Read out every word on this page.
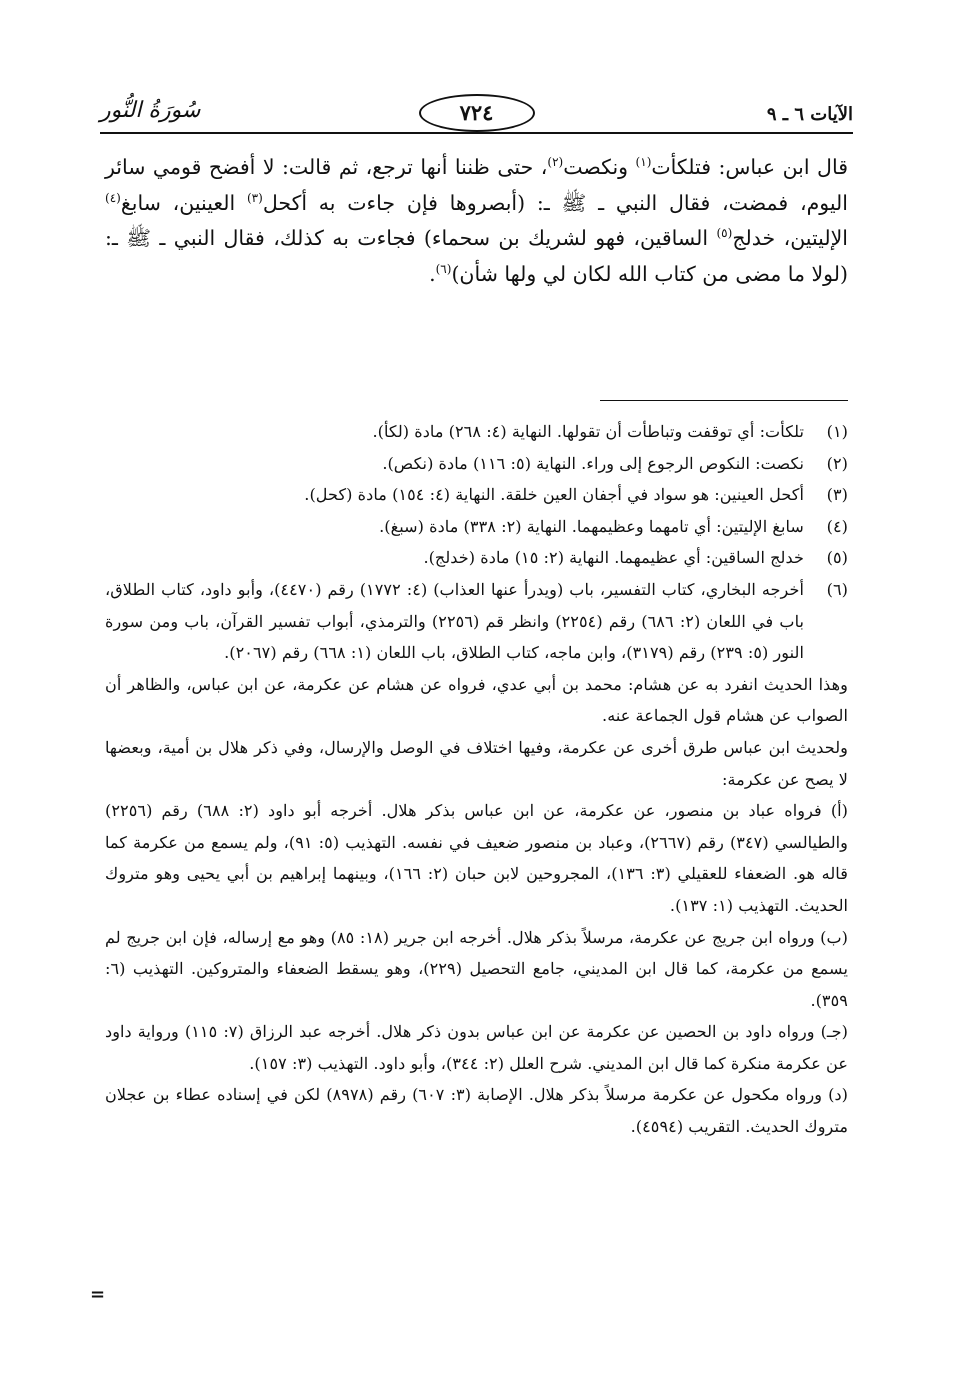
الآيات ٦ ـ ٩
٧٢٤
سُورَةُ النُّور
قال ابن عباس: فتلكأت$^{(١)}$ ونكصت$^{(٢)}$، حتى ظننا أنها ترجع، ثم قالت: لا أفضح قومي سائر اليوم، فمضت، فقال النبي ـ ﷺ ـ: (أبصروها فإن جاءت به أكحل$^{(٣)}$ العينين، سابغ$^{(٤)}$ الإليتين، خدلج$^{(٥)}$ الساقين، فهو لشريك بن سحماء) فجاءت به كذلك، فقال النبي ـ ﷺ ـ: (لولا ما مضى من كتاب الله لكان لي ولها شأن)$^{(٦)}$.
(١)
تلكأت: أي توقفت وتباطأت أن تقولها. النهاية (٤: ٢٦٨) مادة (لكأ).
(٢)
نكصت: النكوص الرجوع إلى وراء. النهاية (٥: ١١٦) مادة (نكص).
(٣)
أكحل العينين: هو سواد في أجفان العين خلقة. النهاية (٤: ١٥٤) مادة (كحل).
(٤)
سابغ الإليتين: أي تامهما وعظيمهما. النهاية (٢: ٣٣٨) مادة (سبغ).
(٥)
خدلج الساقين: أي عظيمهما. النهاية (٢: ١٥) مادة (خدلج).
(٦)
أخرجه البخاري، كتاب التفسير، باب (ويدرأ عنها العذاب) (٤: ١٧٧٢) رقم (٤٤٧٠)، وأبو داود، كتاب الطلاق، باب في اللعان (٢: ٦٨٦) رقم (٢٢٥٤) وانظر قم (٢٢٥٦) والترمذي، أبواب تفسير القرآن، باب ومن سورة النور (٥: ٢٣٩) رقم (٣١٧٩)، وابن ماجه، كتاب الطلاق، باب اللعان (١: ٦٦٨) رقم (٢٠٦٧).
وهذا الحديث انفرد به عن هشام: محمد بن أبي عدي، فرواه عن هشام عن عكرمة، عن ابن عباس، والظاهر أن الصواب عن هشام قول الجماعة عنه.
ولحديث ابن عباس طرق أخرى عن عكرمة، وفيها اختلاف في الوصل والإرسال، وفي ذكر هلال بن أمية، وبعضها لا يصح عن عكرمة:
(أ) فرواه عباد بن منصور، عن عكرمة، عن ابن عباس بذكر هلال. أخرجه أبو داود (٢: ٦٨٨) رقم (٢٢٥٦) والطيالسي (٣٤٧) رقم (٢٦٦٧)، وعباد بن منصور ضعيف في نفسه. التهذيب (٥: ٩١)، ولم يسمع من عكرمة كما قاله هو. الضعفاء للعقيلي (٣: ١٣٦)، المجروحين لابن حبان (٢: ١٦٦)، وبينهما إبراهيم بن أبي يحيى وهو متروك الحديث. التهذيب (١: ١٣٧).
(ب) ورواه ابن جريج عن عكرمة، مرسلاً بذكر هلال. أخرجه ابن جرير (١٨: ٨٥) وهو مع إرساله، فإن ابن جريج لم يسمع من عكرمة، كما قال ابن المديني، جامع التحصيل (٢٢٩)، وهو يسقط الضعفاء والمتروكين. التهذيب (٦: ٣٥٩).
(جـ) ورواه داود بن الحصين عن عكرمة عن ابن عباس بدون ذكر هلال. أخرجه عبد الرزاق (٧: ١١٥) ورواية داود عن عكرمة منكرة كما قال ابن المديني. شرح العلل (٢: ٣٤٤)، وأبو داود. التهذيب (٣: ١٥٧).
(د) ورواه مكحول عن عكرمة مرسلاً بذكر هلال. الإصابة (٣: ٦٠٧) رقم (٨٩٧٨) لكن في إسناده عطاء بن عجلان متروك الحديث. التقريب (٤٥٩٤).
=
